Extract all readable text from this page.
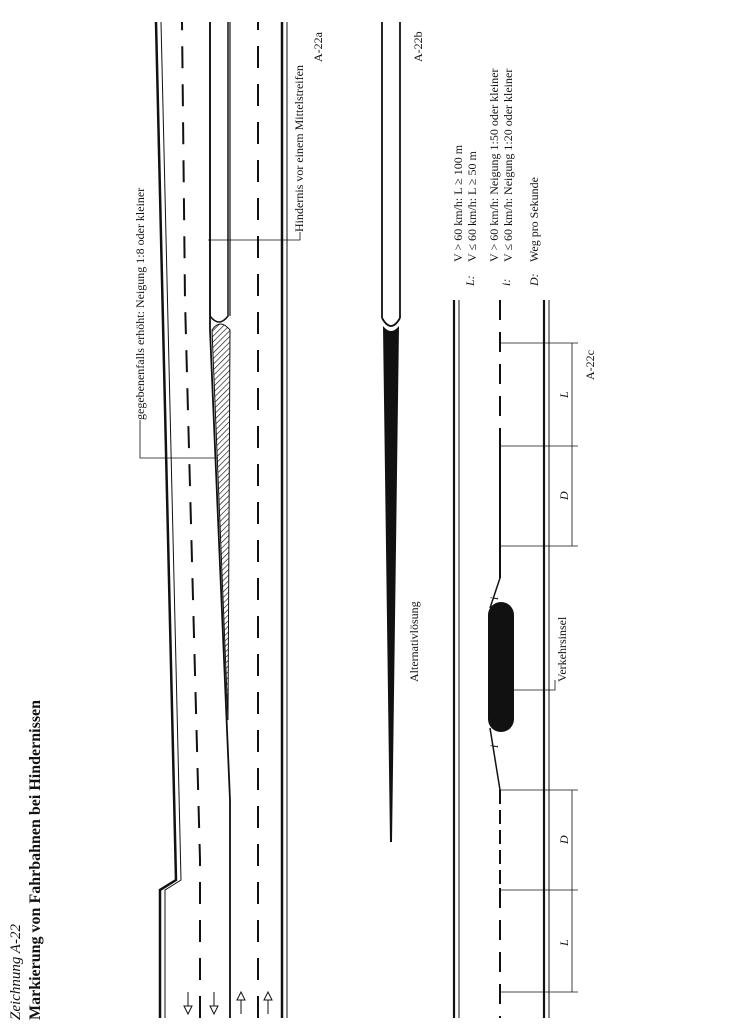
gegebenenfalls erhöht: Neigung 1:8 oder kleiner
Hindernis vor einem Mittelstreifen
A-22a	A-22b
Alternativlösung
i
i
Verkehrsinsel
L
D
D
L
A-22c
L:
V > 60 km/h: L ≥ 100 m V ≤ 60 km/h: L ≥ 50 m
i:
V > 60 km/h: Neigung 1:50 oder kleiner V ≤ 60 km/h: Neigung 1:20 oder kleiner
D:
Weg pro Sekunde
Zeichnung A-22 Markierung von Fahrbahnen bei Hindernissen
